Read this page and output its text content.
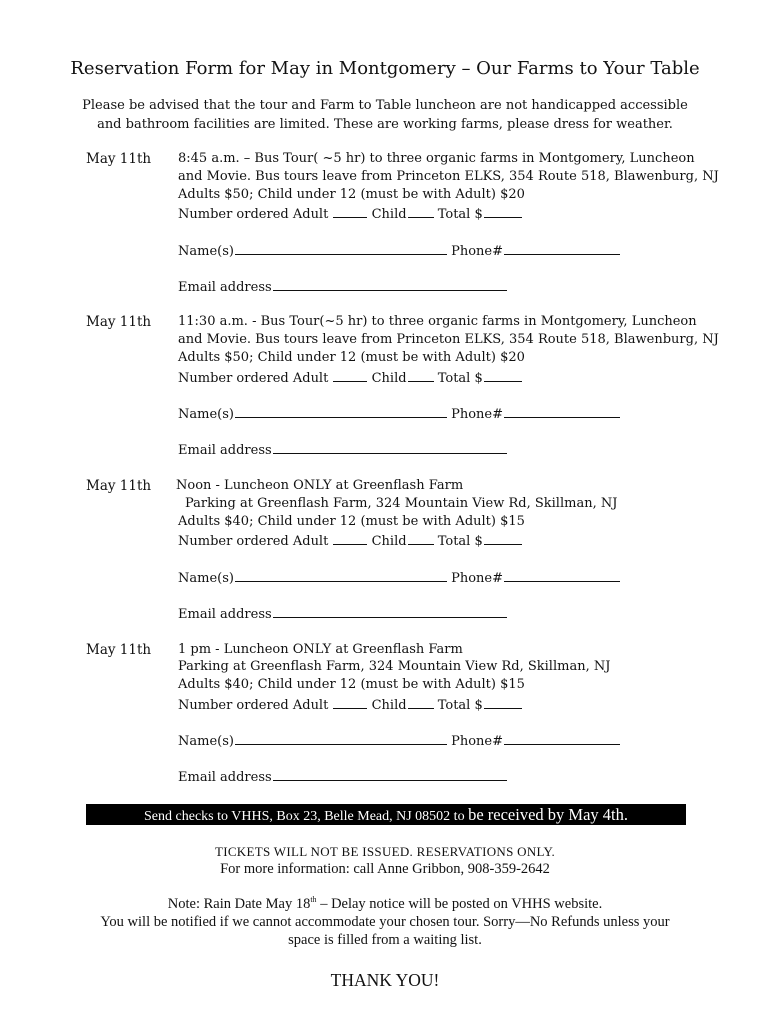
Reservation Form for May in Montgomery – Our Farms to Your Table
Please be advised that the tour and Farm to Table luncheon are not handicapped accessible
and bathroom facilities are limited. These are working farms, please dress for weather.
May 11th 8:45 a.m. – Bus Tour( ~5 hr) to three organic farms in Montgomery, Luncheon
and Movie. Bus tours leave from Princeton ELKS, 354 Route 518, Blawenburg, NJ
Adults $50; Child under 12 (must be with Adult) $20
Number ordered Adult	Child Total $
Name(s)	Phone#
Email address
May 11th 11:30 a.m. - Bus Tour(~5 hr) to three organic farms in Montgomery, Luncheon
and Movie. Bus tours leave from Princeton ELKS, 354 Route 518, Blawenburg, NJ
Adults $50; Child under 12 (must be with Adult) $20
Number ordered Adult	Child Total $
Name(s)	Phone#
Email address
May 11th Noon - Luncheon ONLY at Greenflash Farm
Parking at Greenflash Farm, 324 Mountain View Rd, Skillman, NJ
Adults $40; Child under 12 (must be with Adult) $15
Number ordered Adult	Child Total $
Name(s)	Phone#
Email address
May 11th 1 pm - Luncheon ONLY at Greenflash Farm
Parking at Greenflash Farm, 324 Mountain View Rd, Skillman, NJ
Adults $40; Child under 12 (must be with Adult) $15
Number ordered Adult	Child Total $
Name(s)	Phone#
Email address
Send checks to VHHS, Box 23, Belle Mead, NJ 08502 to be received by May 4th.
TICKETS WILL NOT BE ISSUED. RESERVATIONS ONLY.
For more information: call Anne Gribbon, 908-359-2642
Note: Rain Date May 18th – Delay notice will be posted on VHHS website.
You will be notified if we cannot accommodate your chosen tour. Sorry—No Refunds unless your
space is filled from a waiting list.
THANK YOU!
